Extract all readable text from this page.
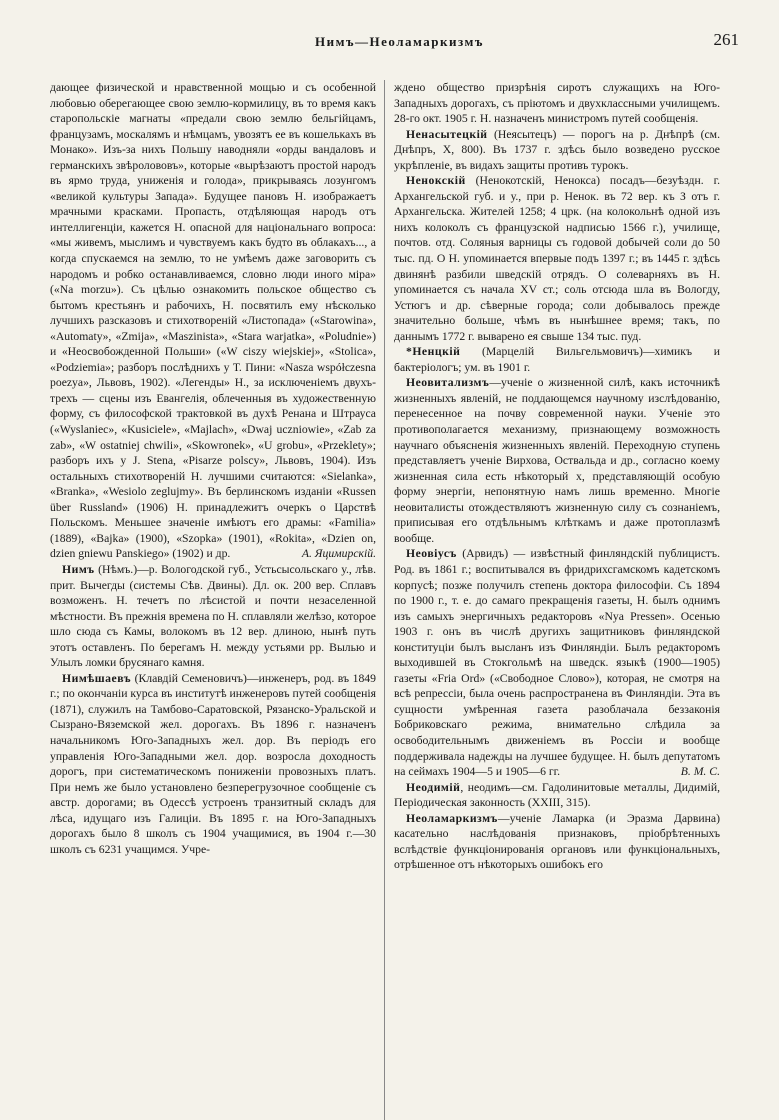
Нимъ—Неоламаркизмъ	261

дающее физической и нравственной мощью и съ особенной любовью оберегающее свою землю-кормилицу, въ то время какъ старопольскіе магнаты «предали свою землю бельгійцамъ, французамъ, москалямъ и нѣмцамъ, увозятъ ее въ кошелькахъ въ Монако». Изъ-за нихъ Польшу наводняли «орды вандаловъ и германскихъ звѣролововъ», которые «вырѣзаютъ простой народъ въ ярмо труда, униженія и голода», прикрываясь лозунгомъ «великой культуры Запада». Будущее пановъ Н. изображаетъ мрачными красками. Пропасть, отдѣляющая народъ отъ интеллигенціи, кажется Н. опасной для національнаго вопроса: «мы живемъ, мыслимъ и чувствуемъ какъ будто въ облакахъ..., а когда спускаемся на землю, то не умѣемъ даже заговорить съ народомъ и робко останавливаемся, словно люди иного міра» («Na morzu»). Съ цѣлью ознакомить польское общество съ бытомъ крестьянъ и рабочихъ, Н. посвятилъ ему нѣсколько лучшихъ разсказовъ и стихотвореній «Листопада» («Starowina», «Automaty», «Zmija», «Maszinista», «Stara warjatka», «Poludnie») и «Неосвобожденной Польши» («W ciszy wiejskiej», «Stolica», «Podziemia»; разборъ послѣднихъ у Т. Пини: «Nasza współczesna poezya», Львовъ, 1902). «Легенды» Н., за исключеніемъ двухъ-трехъ — сцены изъ Евангелія, облеченныя въ художественную форму, съ философской трактовкой въ духѣ Ренана и Штрауса («Wyslaniec», «Kusiciele», «Majlach», «Dwaj uczniowie», «Zab za zab», «W ostatniej chwili», «Skowronek», «U grobu», «Przeklety»; разборъ ихъ у J. Stena, «Pisarze polscy», Львовъ, 1904). Изъ остальныхъ стихотвореній Н. лучшими считаются: «Sielanka», «Branka», «Wesiolo zeglujmy». Въ берлинскомъ изданіи «Russen über Russland» (1906) Н. принадлежитъ очеркъ о Царствѣ Польскомъ. Меньшее значеніе имѣютъ его драмы: «Familia» (1889), «Bajka» (1900), «Szopka» (1901), «Rokita», «Dzien on, dzien gniewu Panskiego» (1902) и др.	А. Яцимирскій.

Нимъ (Нѣмъ.)—р. Вологодской губ., Устьсысольскаго у., лѣв. прит. Вычегды (системы Сѣв. Двины). Дл. ок. 200 вер. Сплавъ возможенъ. Н. течетъ по лѣсистой и почти незаселенной мѣстности. Въ прежнія времена по Н. сплавляли желѣзо, которое шло сюда съ Камы, волокомъ въ 12 вер. длиною, нынѣ путь этотъ оставленъ. По берегамъ Н. между устьями рр. Вылью и Улылъ ломки брусянаго камня.

Нимѣшаевъ (Клавдій Семеновичъ)—инженеръ, род. въ 1849 г.; по окончаніи курса въ институтѣ инженеровъ путей сообщенія (1871), служилъ на Тамбово-Саратовской, Рязанско-Уральской и Сызрано-Вяземской жел. дорогахъ. Въ 1896 г. назначенъ начальникомъ Юго-Западныхъ жел. дор. Въ періодъ его управленія Юго-Западными жел. дор. возросла доходность дорогъ, при систематическомъ пониженіи провозныхъ платъ. При немъ же было установлено безперегрузочное сообщеніе съ австр. дорогами; въ Одессѣ устроенъ транзитный складъ для лѣса, идущаго изъ Галиціи. Въ 1895 г. на Юго-Западныхъ дорогахъ было 8 школъ съ 1904 учащимися, въ 1904 г.—30 школъ съ 6231 учащимся. Учре-

ждено общество призрѣнія сиротъ служащихъ на Юго-Западныхъ дорогахъ, съ пріютомъ и двухклассными училищемъ. 28-го окт. 1905 г. Н. назначенъ министромъ путей сообщенія.

Ненасытецкій (Неясытецъ) — порогъ на р. Днѣпрѣ (см. Днѣпръ, X, 800). Въ 1737 г. здѣсь было возведено русское укрѣпленіе, въ видахъ защиты противъ турокъ.

Ненокскій (Ненокотскій, Ненокса) посадъ—безуѣздн. г. Архангельской губ. и у., при р. Ненок. въ 72 вер. къ З отъ г. Архангельска. Жителей 1258; 4 црк. (на колокольнѣ одной изъ нихъ колоколъ съ французской надписью 1566 г.), училище, почтов. отд. Соляныя варницы съ годовой добычей соли до 50 тыс. пд. О Н. упоминается впервые подъ 1397 г.; въ 1445 г. здѣсь двинянѣ разбили шведскій отрядъ. О солеварняхъ въ Н. упоминается съ начала XV ст.; соль отсюда шла въ Вологду, Устюгъ и др. сѣверные города; соли добывалось прежде значительно больше, чѣмъ въ нынѣшнее время; такъ, по даннымъ 1772 г. выварено ея свыше 134 тыс. пуд.

*Ненцкій (Марцелій Вильгельмовичъ)—химикъ и бактеріологъ; ум. въ 1901 г.

Неовитализмъ—ученіе о жизненной силѣ, какъ источникѣ жизненныхъ явленій, не поддающемся научному изслѣдованію, перенесенное на почву современной науки. Ученіе это противополагается механизму, признающему возможность научнаго объясненія жизненныхъ явленій. Переходную ступень представляетъ ученіе Вирхова, Оствальда и др., согласно коему жизненная сила есть нѣкоторый x, представляющій особую форму энергіи, непонятную намъ лишь временно. Многіе неовиталисты отождествляютъ жизненную силу съ сознаніемъ, приписывая его отдѣльнымъ клѣткамъ и даже протоплазмѣ вообще.

Неовіусъ (Арвидъ) — извѣстный финляндскій публицистъ. Род. въ 1861 г.; воспитывался въ фридрихсгамскомъ кадетскомъ корпусѣ; позже получилъ степень доктора философіи. Съ 1894 по 1900 г., т. е. до самаго прекращенія газеты, Н. былъ однимъ изъ самыхъ энергичныхъ редакторовъ «Nya Pressen». Осенью 1903 г. онъ въ числѣ другихъ защитниковъ финляндской конституціи былъ высланъ изъ Финляндіи. Былъ редакторомъ выходившей въ Стокгольмѣ на шведск. языкѣ (1900—1905) газеты «Fria Ord» («Свободное Слово»), которая, не смотря на всѣ репрессіи, была очень распространена въ Финляндіи. Эта въ сущности умѣренная газета разоблачала беззаконія Бобриковскаго режима, внимательно слѣдила за освободительнымъ движеніемъ въ Россіи и вообще поддерживала надежды на лучшее будущее. Н. былъ депутатомъ на сеймахъ 1904—5 и 1905—6 гг.	В. М. С.

Неодимій, неодимъ—см. Гадолинитовые металлы, Дидимій, Періодическая законность (XXIII, 315).

Неоламаркизмъ—ученіе Ламарка (и Эразма Дарвина) касательно наслѣдованія признаковъ, пріобрѣтенныхъ вслѣдствіе функціонированія органовъ или функціональныхъ, отрѣшенное отъ нѣкоторыхъ ошибокъ его
